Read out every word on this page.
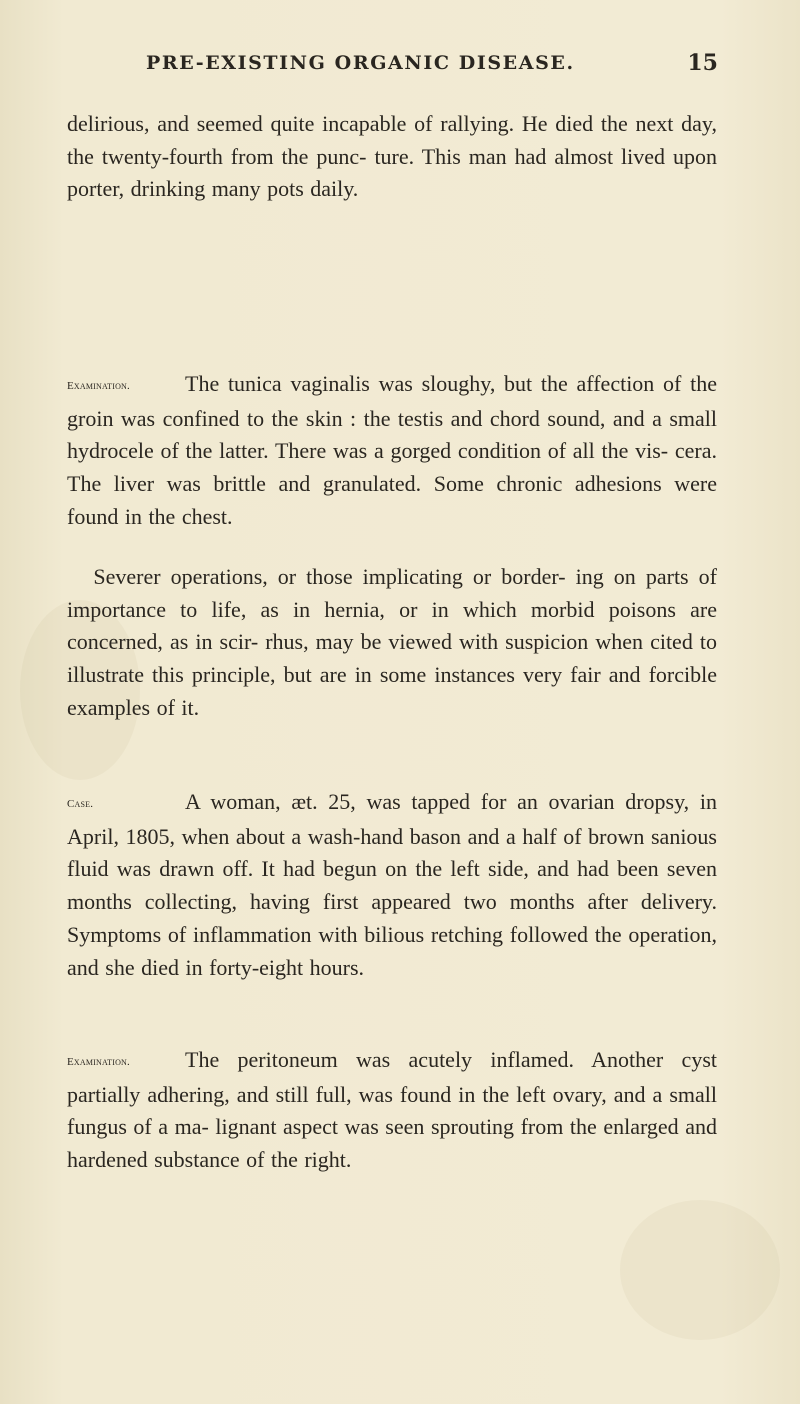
PRE-EXISTING ORGANIC DISEASE.	15

delirious, and seemed quite incapable of rallying. He died the next day, the twenty-fourth from the punc- ture. This man had almost lived upon porter, drinking many pots daily.

Examination.	The tunica vaginalis was sloughy, but the affection of the groin was confined to the skin : the testis and chord sound, and a small hydrocele of the latter. There was a gorged condition of all the vis- cera. The liver was brittle and granulated. Some chronic adhesions were found in the chest.

Severer operations, or those implicating or border- ing on parts of importance to life, as in hernia, or in which morbid poisons are concerned, as in scir- rhus, may be viewed with suspicion when cited to illustrate this principle, but are in some instances very fair and forcible examples of it.

Case.	A woman, æt. 25, was tapped for an ovarian dropsy, in April, 1805, when about a wash-hand bason and a half of brown sanious fluid was drawn off. It had begun on the left side, and had been seven months collecting, having first appeared two months after delivery. Symptoms of inflammation with bilious retching followed the operation, and she died in forty-eight hours.

Examination.	The peritoneum was acutely inflamed. Another cyst partially adhering, and still full, was found in the left ovary, and a small fungus of a ma- lignant aspect was seen sprouting from the enlarged and hardened substance of the right.
